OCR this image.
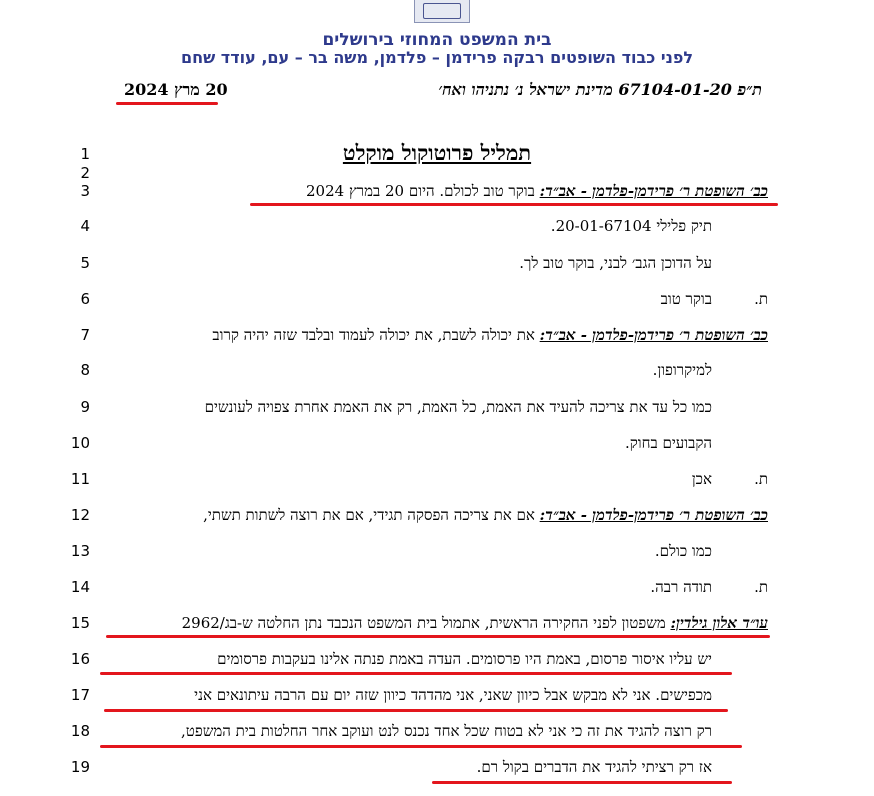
בית המשפט המחוזי בירושלים
לפני כבוד השופטים רבקה פרידמן – פלדמן, משה בר – עם, עודד שחם
ת״פ 67104-01-20 מדינת ישראל נ׳ נתניהו ואח׳
20 מרץ 2024
תמליל פרוטוקול מוקלט
1
2
3
4
5
6
7
8
9
10
11
12
13
14
15
16
17
18
19
כב׳ השופטת ר׳ פרידמן-פלדמן - אב״ד: בוקר טוב לכולם. היום 20 במרץ 2024
תיק פלילי 20-01-67104.
על הדוכן הגב׳ לבני, בוקר טוב לך.
ת.
בוקר טוב
כב׳ השופטת ר׳ פרידמן-פלדמן - אב״ד: את יכולה לשבת, את יכולה לעמוד ובלבד שזה יהיה קרוב
למיקרופון.
כמו כל עד את צריכה להעיד את האמת, כל האמת, רק את האמת אחרת צפויה לעונשים
הקבועים בחוק.
ת.
אכן
כב׳ השופטת ר׳ פרידמן-פלדמן - אב״ד: אם את צריכה הפסקה תגידי, אם את רוצה לשתות תשתי,
כמו כולם.
ת.
תודה רבה.
עו״ד אלון גילדין: משפטון לפני החקירה הראשית, אתמול בית המשפט הנכבד נתן החלטה ש-בג/2962
יש עליו איסור פרסום, באמת היו פרסומים. העדה באמת פנתה אלינו בעקבות פרסומים
מכפישים. אני לא מבקש אבל כיוון שאני, אני מהדהד כיוון שזה יום עם הרבה עיתונאים אני
רק רוצה להגיד את זה כי אני לא בטוח שכל אחד נכנס לנט ועוקב אחר החלטות בית המשפט,
אז רק רציתי להגיד את הדברים בקול רם.
